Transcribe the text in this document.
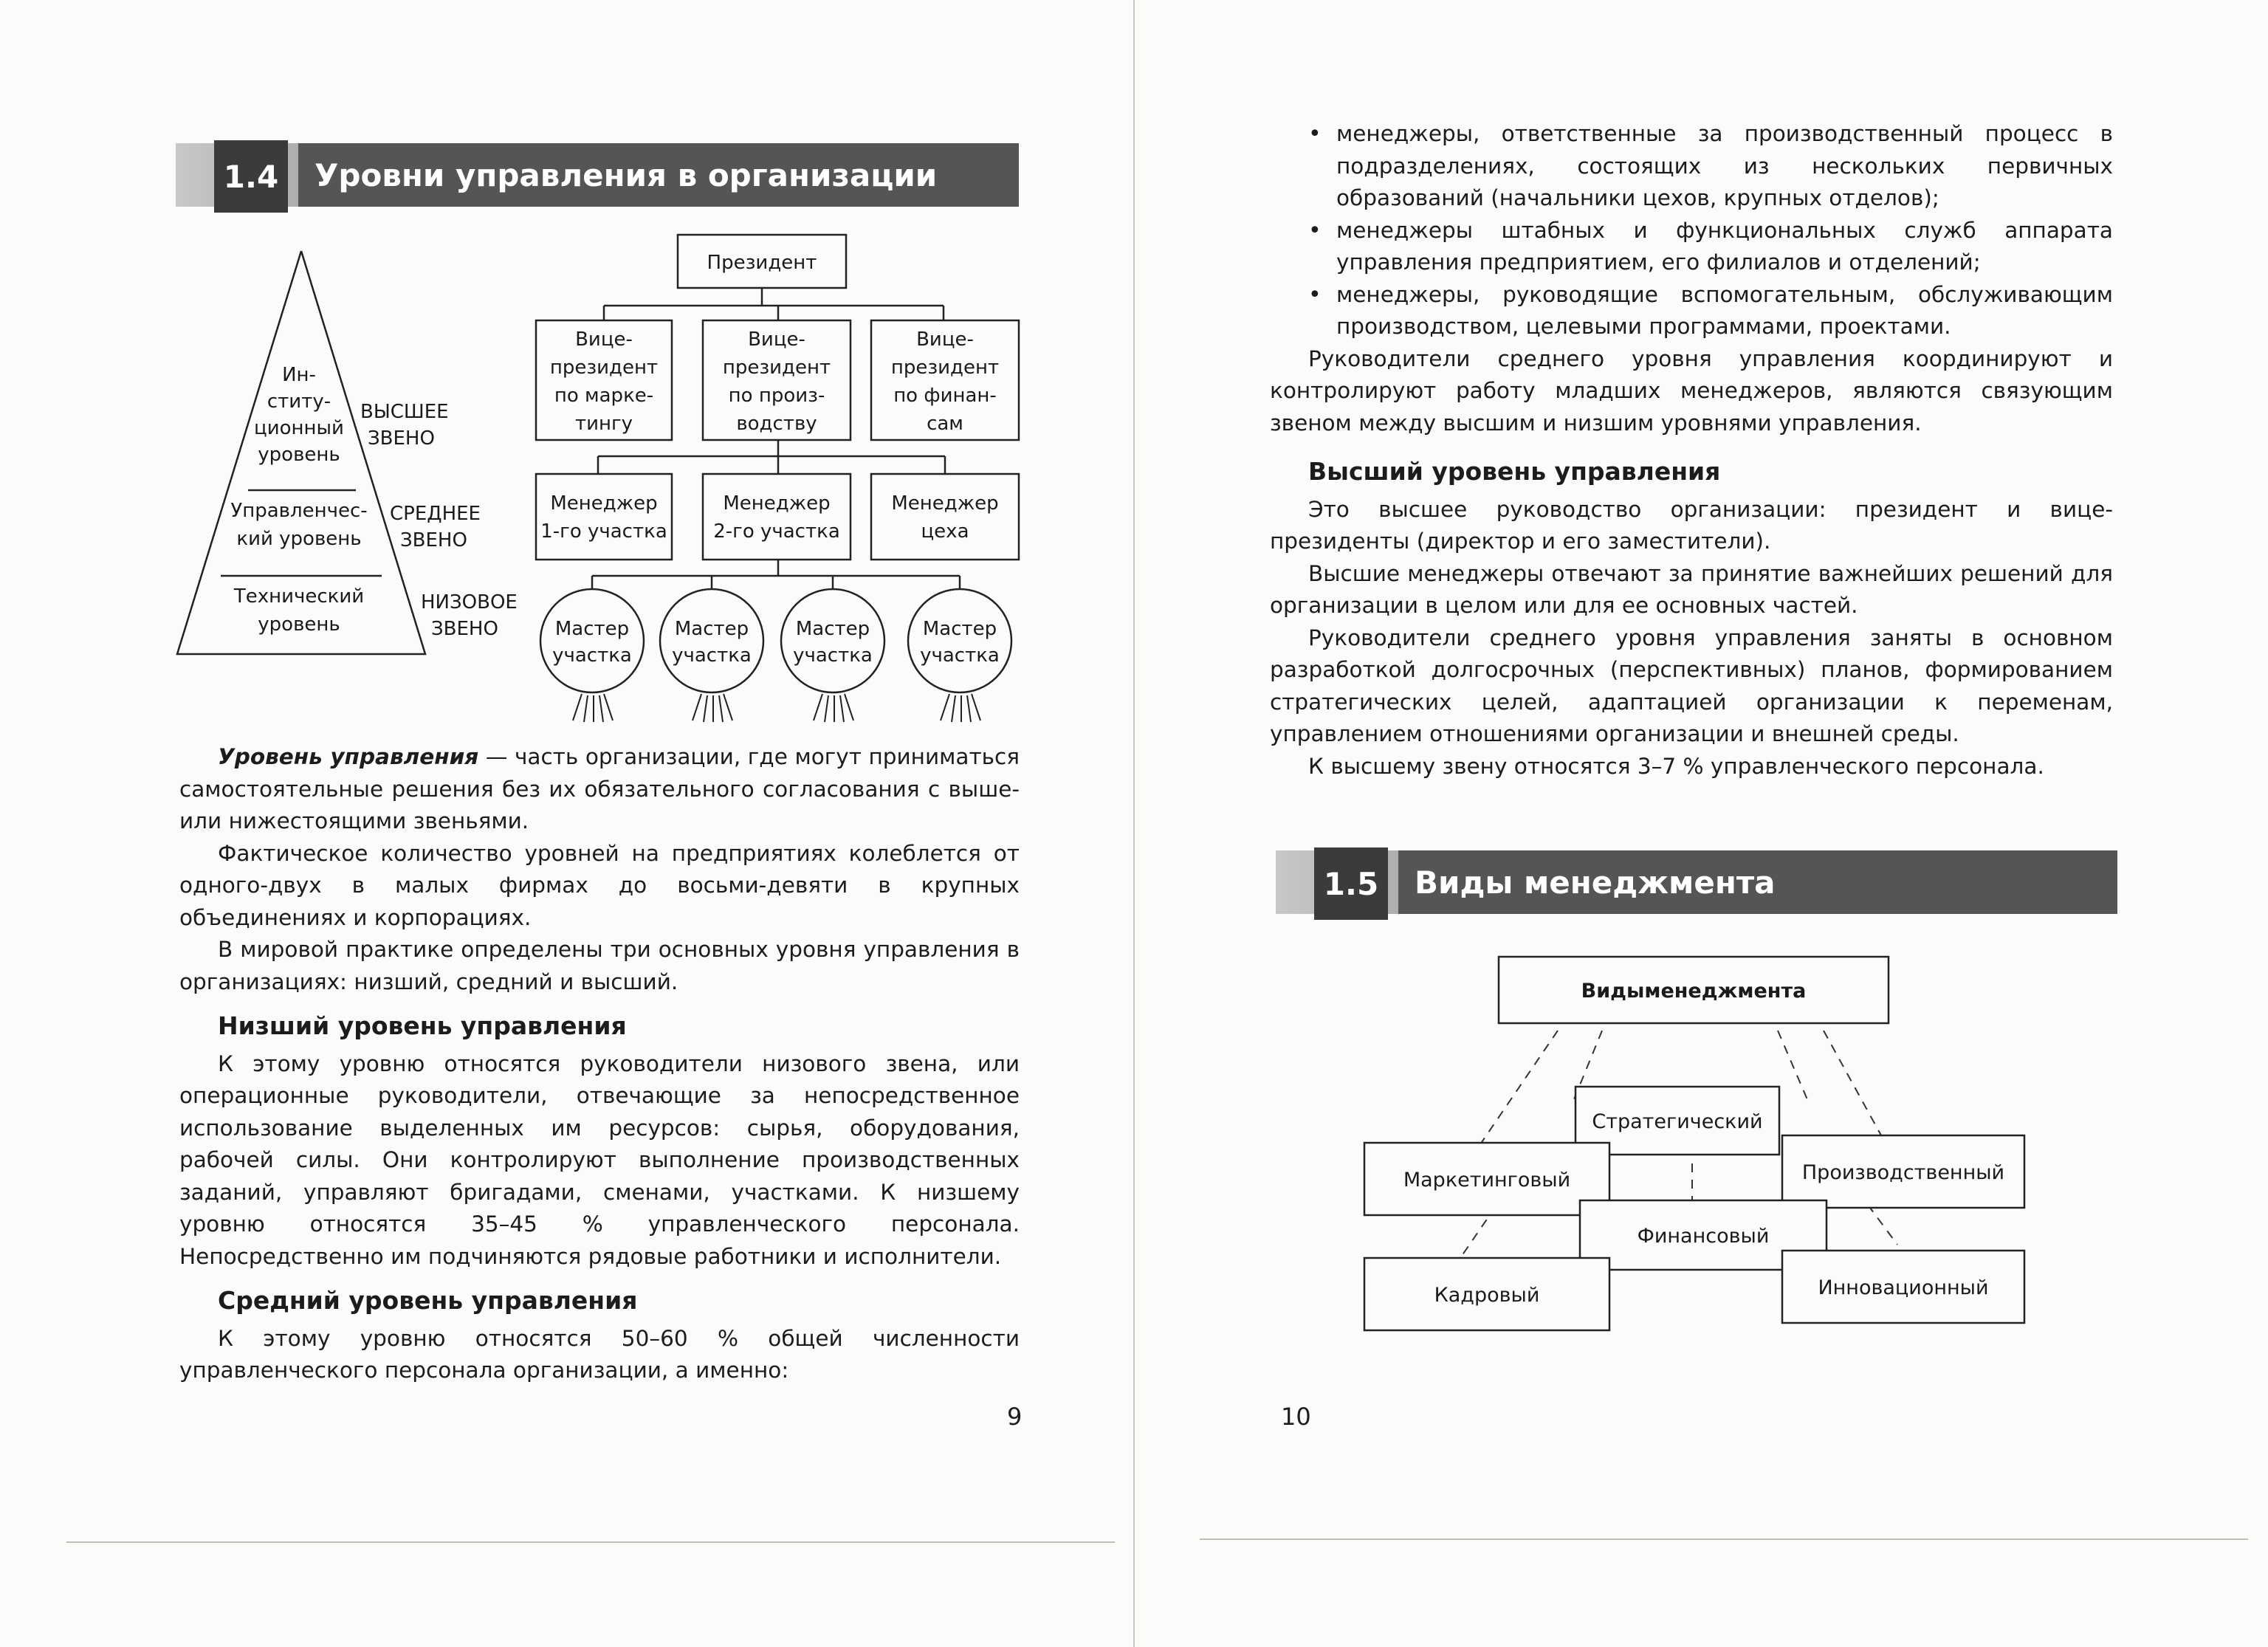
1.4	Уровни управления в организации
Ин-
ститу-
ционный
уровень
Управленчес-
кий уровень
Технический
уровень
ВЫСШЕЕ
ЗВЕНО
СРЕДНЕЕ
ЗВЕНО
НИЗОВОЕ
ЗВЕНО
Президент
Вице-
президент
по марке-
тингу
Вице-
президент
по произ-
водству
Вице-
президент
по финан-
сам
Менеджер
1-го участка
Менеджер
2-го участка
Менеджер
цеха
Мастер
участка
Мастер
участка
Мастер
участка
Мастер
участка

Уровень управления — часть организации, где могут приниматься самостоятельные решения без их обязательного согласования с выше- или нижестоящими звеньями.

Фактическое количество уровней на предприятиях колеблется от одного-двух в малых фирмах до восьми-девяти в крупных объединениях и корпорациях.

В мировой практике определены три основных уровня управления в организациях: низший, средний и высший.

Низший уровень управления

К этому уровню относятся руководители низового звена, или операционные руководители, отвечающие за непосредственное использование выделенных им ресурсов: сырья, оборудования, рабочей силы. Они контролируют выполнение производственных заданий, управляют бригадами, сменами, участками. К низшему уровню относятся 35–45 % управленческого персонала. Непосредственно им подчиняются рядовые работники и исполнители.

Средний уровень управления

К этому уровню относятся 50–60 % общей численности управленческого персонала организации, а именно:

9
• менеджеры, ответственные за производственный процесс в подразделениях, состоящих из нескольких первичных образований (начальники цехов, крупных отделов);
• менеджеры штабных и функциональных служб аппарата управления предприятием, его филиалов и отделений;
• менеджеры, руководящие вспомогательным, обслуживающим производством, целевыми программами, проектами.

Руководители среднего уровня управления координируют и контролируют работу младших менеджеров, являются связующим звеном между высшим и низшим уровнями управления.

Высший уровень управления

Это высшее руководство организации: президент и вице-президенты (директор и его заместители).

Высшие менеджеры отвечают за принятие важнейших решений для организации в целом или для ее основных частей.

Руководители среднего уровня управления заняты в основном разработкой долгосрочных (перспективных) планов, формированием стратегических целей, адаптацией организации к переменам, управлением отношениями организации и внешней среды.

К высшему звену относятся 3–7 % управленческого персонала.

1.5	Виды менеджмента
Видыменеджмента
Стратегический
Маркетинговый	Производственный
Финансовый
Кадровый	Инновационный
10
